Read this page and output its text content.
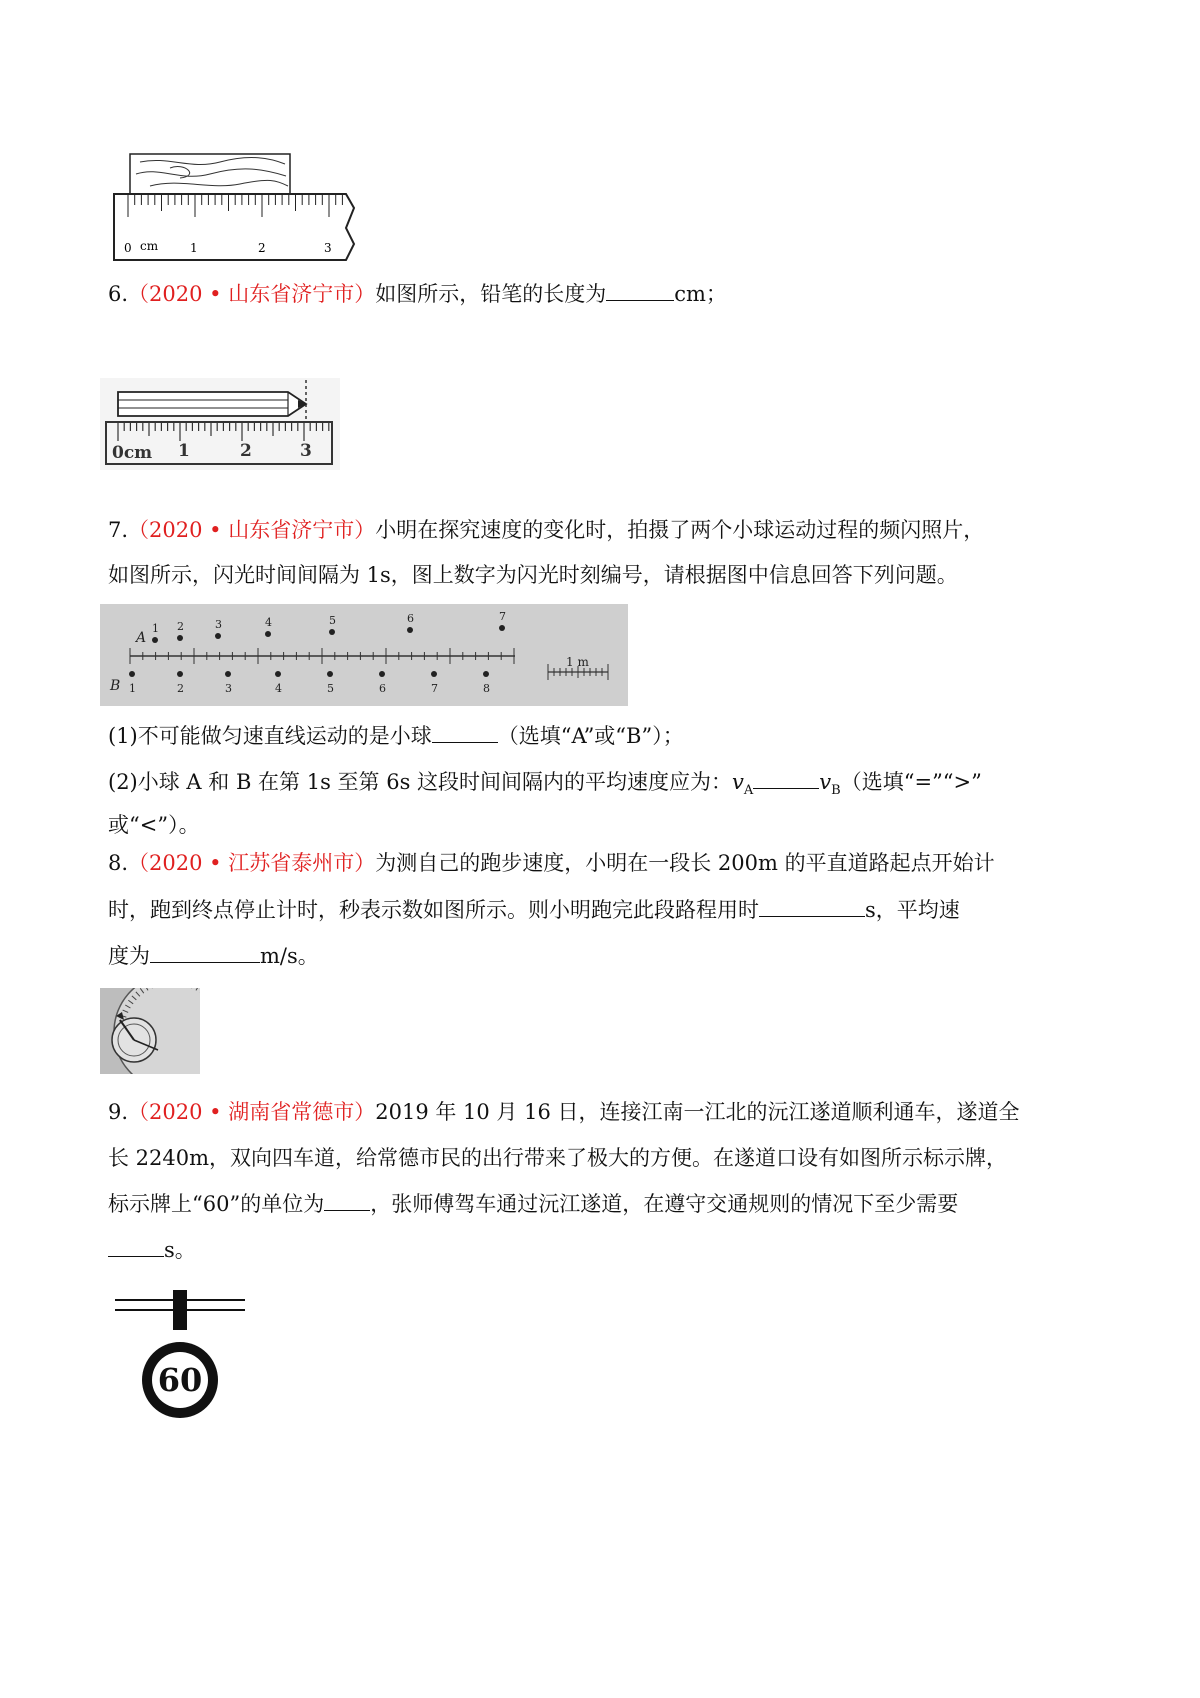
0 cm	1	2	3
6.（2020 • 山东省济宁市）如图所示，铅笔的长度为	cm；
0cm 1	2	3
7.（2020 • 山东省济宁市）小明在探究速度的变化时，拍摄了两个小球运动过程的频闪照片，
如图所示，闪光时间间隔为 1s，图上数字为闪光时刻编号，请根据图中信息回答下列问题。
1 2	3	4	5	6	7
1	2	3	4	5	6	7	8
A
B
1 m
(1)不可能做匀速直线运动的是小球	（选填“A”或“B”）；
(2)小球 A 和 B 在第 1s 至第 6s 这段时间间隔内的平均速度应为：$v_A$	$v_B$（选填“=”“>”
或“<”）。
8.（2020 • 江苏省泰州市）为测自己的跑步速度，小明在一段长 200m 的平直道路起点开始计
时，跑到终点停止计时，秒表示数如图所示。则小明跑完此段路程用时	s，平均速
度为	m/s。
9.（2020 • 湖南省常德市）2019 年 10 月 16 日，连接江南一江北的沅江遂道顺利通车，遂道全
长 2240m，双向四车道，给常德市民的出行带来了极大的方便。在遂道口设有如图所示标示牌，
标示牌上“60”的单位为 ，张师傅驾车通过沅江遂道，在遵守交通规则的情况下至少需要
s。
60
